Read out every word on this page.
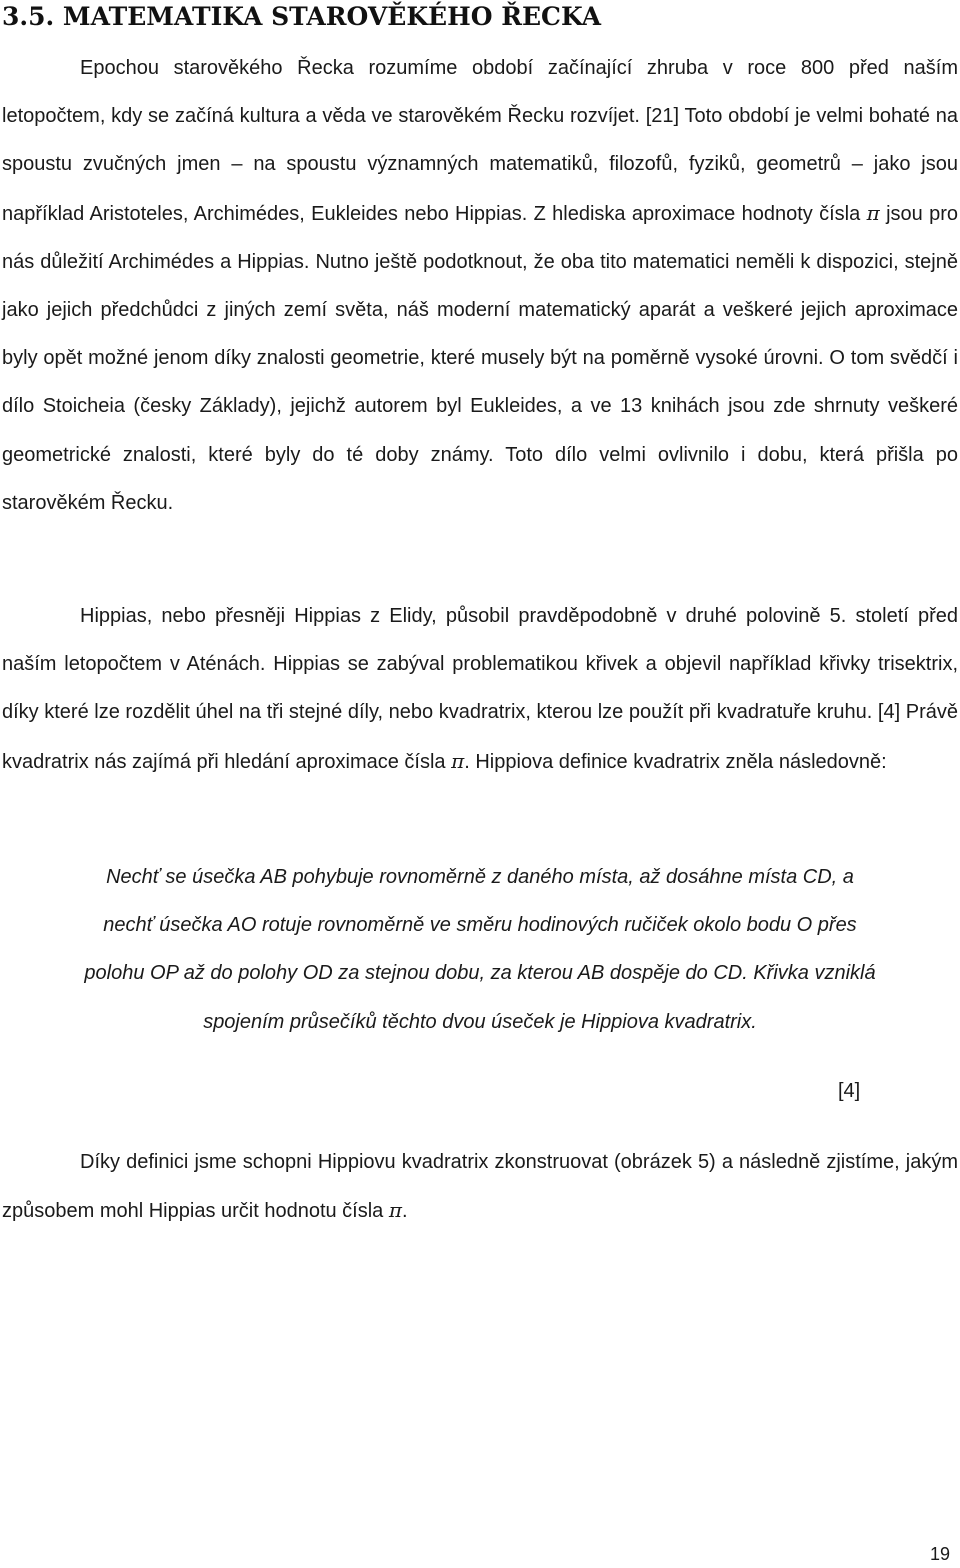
3.5. MATEMATIKA STAROVĚKÉHO ŘECKA

Epochou starověkého Řecka rozumíme období začínající zhruba v roce 800 před naším letopočtem, kdy se začíná kultura a věda ve starověkém Řecku rozvíjet. [21] Toto období je velmi bohaté na spoustu zvučných jmen – na spoustu významných matematiků, filozofů, fyziků, geometrů – jako jsou například Aristoteles, Archimédes, Eukleides nebo Hippias. Z hlediska aproximace hodnoty čísla π jsou pro nás důležití Archimédes a Hippias. Nutno ještě podotknout, že oba tito matematici neměli k dispozici, stejně jako jejich předchůdci z jiných zemí světa, náš moderní matematický aparát a veškeré jejich aproximace byly opět možné jenom díky znalosti geometrie, které musely být na poměrně vysoké úrovni. O tom svědčí i dílo Stoicheia (česky Základy), jejichž autorem byl Eukleides, a ve 13 knihách jsou zde shrnuty veškeré geometrické znalosti, které byly do té doby známy. Toto dílo velmi ovlivnilo i dobu, která přišla po starověkém Řecku.

Hippias, nebo přesněji Hippias z Elidy, působil pravděpodobně v druhé polovině 5. století před naším letopočtem v Aténách. Hippias se zabýval problematikou křivek a objevil například křivky trisektrix, díky které lze rozdělit úhel na tři stejné díly, nebo kvadratrix, kterou lze použít při kvadratuře kruhu. [4] Právě kvadratrix nás zajímá při hledání aproximace čísla π. Hippiova definice kvadratrix zněla následovně:

Nechť se úsečka AB pohybuje rovnoměrně z daného místa, až dosáhne místa CD, a
nechť úsečka AO rotuje rovnoměrně ve směru hodinových ručiček okolo bodu O přes
polohu OP až do polohy OD za stejnou dobu, za kterou AB dospěje do CD. Křivka vzniklá
spojením průsečíků těchto dvou úseček je Hippiova kvadratrix.

[4]

Díky definici jsme schopni Hippiovu kvadratrix zkonstruovat (obrázek 5) a následně zjistíme, jakým způsobem mohl Hippias určit hodnotu čísla π.

19
